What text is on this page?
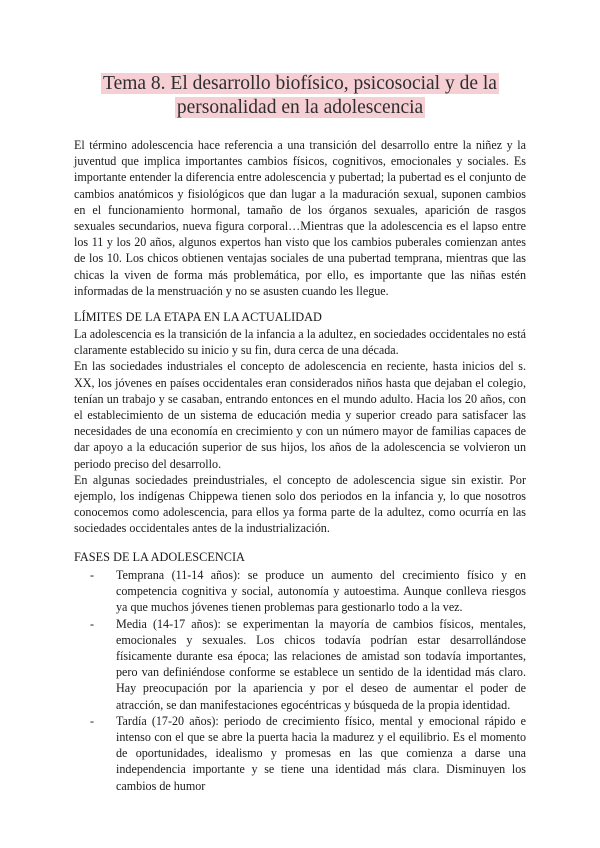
Tema 8. El desarrollo biofísico, psicosocial y de la
personalidad en la adolescencia

El término adolescencia hace referencia a una transición del desarrollo entre la niñez y la juventud que implica importantes cambios físicos, cognitivos, emocionales y sociales. Es importante entender la diferencia entre adolescencia y pubertad; la pubertad es el conjunto de cambios anatómicos y fisiológicos que dan lugar a la maduración sexual, suponen cambios en el funcionamiento hormonal, tamaño de los órganos sexuales, aparición de rasgos sexuales secundarios, nueva figura corporal…Mientras que la adolescencia es el lapso entre los 11 y los 20 años, algunos expertos han visto que los cambios puberales comienzan antes de los 10. Los chicos obtienen ventajas sociales de una pubertad temprana, mientras que las chicas la viven de forma más problemática, por ello, es importante que las niñas estén informadas de la menstruación y no se asusten cuando les llegue.

LÍMITES DE LA ETAPA EN LA ACTUALIDAD

La adolescencia es la transición de la infancia a la adultez, en sociedades occidentales no está claramente establecido su inicio y su fin, dura cerca de una década.

En las sociedades industriales el concepto de adolescencia en reciente, hasta inicios del s. XX, los jóvenes en países occidentales eran considerados niños hasta que dejaban el colegio, tenían un trabajo y se casaban, entrando entonces en el mundo adulto. Hacia los 20 años, con el establecimiento de un sistema de educación media y superior creado para satisfacer las necesidades de una economía en crecimiento y con un número mayor de familias capaces de dar apoyo a la educación superior de sus hijos, los años de la adolescencia se volvieron un periodo preciso del desarrollo.

En algunas sociedades preindustriales, el concepto de adolescencia sigue sin existir. Por ejemplo, los indígenas Chippewa tienen solo dos periodos en la infancia y, lo que nosotros conocemos como adolescencia, para ellos ya forma parte de la adultez, como ocurría en las sociedades occidentales antes de la industrialización.

FASES DE LA ADOLESCENCIA
- Temprana (11-14 años): se produce un aumento del crecimiento físico y en competencia cognitiva y social, autonomía y autoestima. Aunque conlleva riesgos ya que muchos jóvenes tienen problemas para gestionarlo todo a la vez.
- Media (14-17 años): se experimentan la mayoría de cambios físicos, mentales, emocionales y sexuales. Los chicos todavía podrían estar desarrollándose físicamente durante esa época; las relaciones de amistad son todavía importantes, pero van definiéndose conforme se establece un sentido de la identidad más claro. Hay preocupación por la apariencia y por el deseo de aumentar el poder de atracción, se dan manifestaciones egocéntricas y búsqueda de la propia identidad.
- Tardía (17-20 años): periodo de crecimiento físico, mental y emocional rápido e intenso con el que se abre la puerta hacia la madurez y el equilibrio. Es el momento de oportunidades, idealismo y promesas en las que comienza a darse una independencia importante y se tiene una identidad más clara. Disminuyen los cambios de humor
